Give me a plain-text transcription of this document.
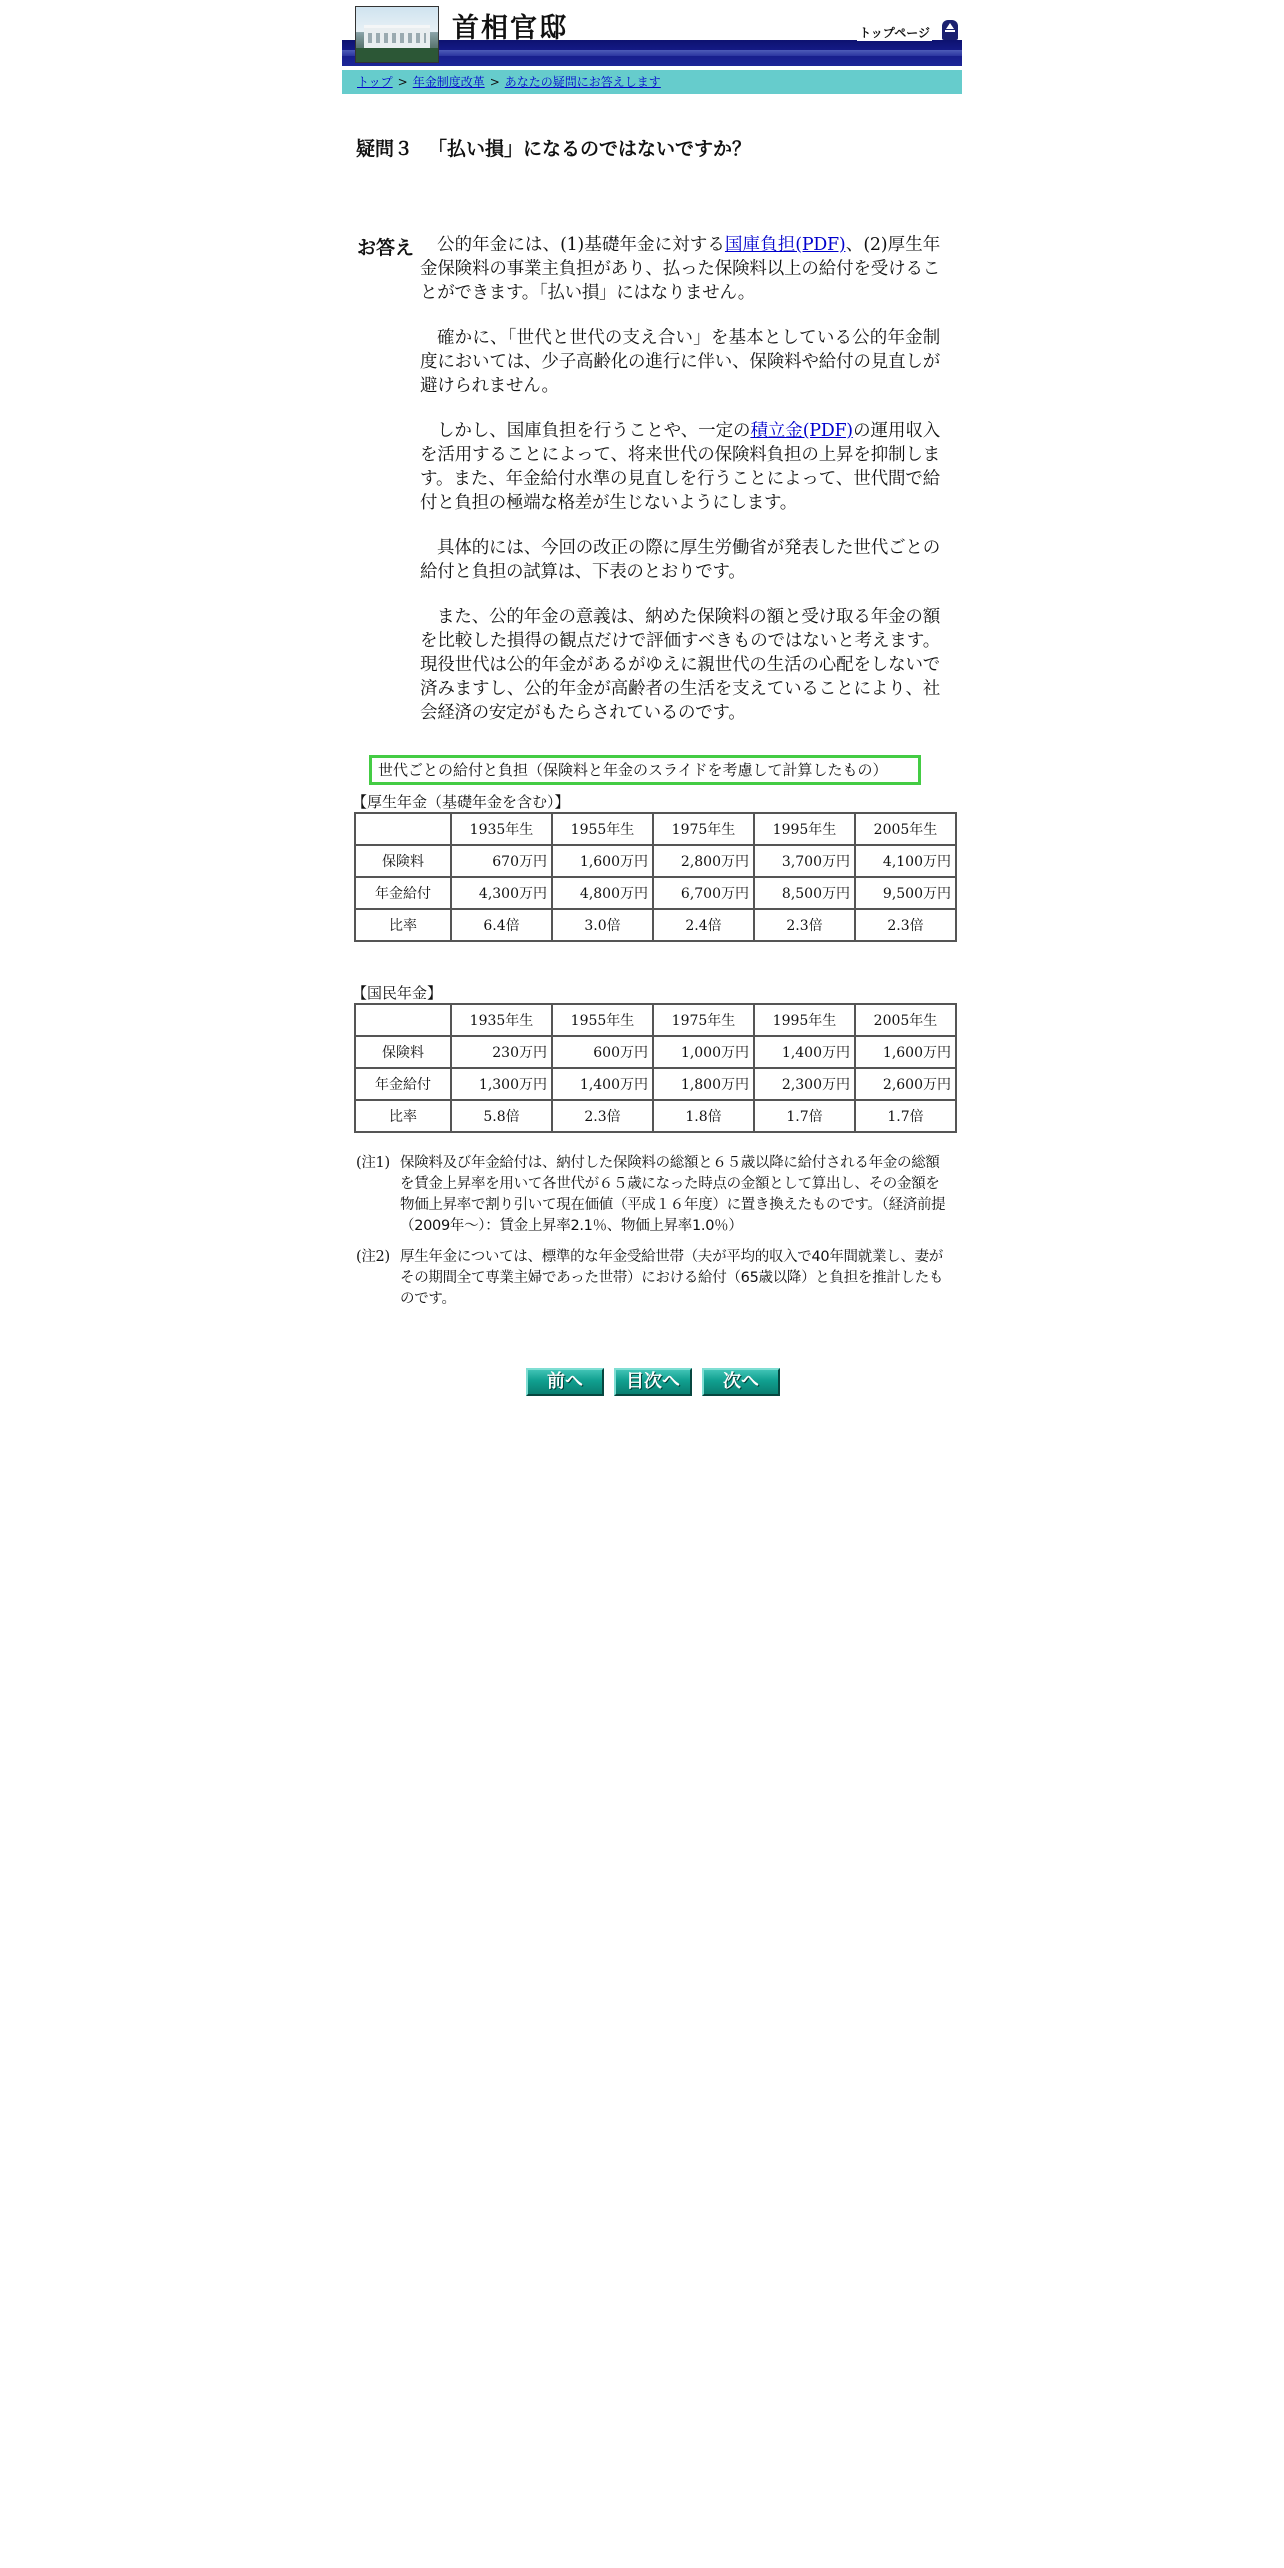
首相官邸	トップページ
トップ > 年金制度改革 > あなたの疑問にお答えします
疑問３ 「払い損」になるのではないですか？
お答え	公的年金には、(1)基礎年金に対する国庫負担(PDF)、(2)厚生年金保険料の事業主負担があり、払った保険料以上の給付を受けることができます。「払い損」にはなりません。

確かに、「世代と世代の支え合い」を基本としている公的年金制度においては、少子高齢化の進行に伴い、保険料や給付の見直しが避けられません。

しかし、国庫負担を行うことや、一定の積立金(PDF)の運用収入を活用することによって、将来世代の保険料負担の上昇を抑制します。また、年金給付水準の見直しを行うことによって、世代間で給付と負担の極端な格差が生じないようにします。

具体的には、今回の改正の際に厚生労働省が発表した世代ごとの給付と負担の試算は、下表のとおりです。

また、公的年金の意義は、納めた保険料の額と受け取る年金の額を比較した損得の観点だけで評価すべきものではないと考えます。現役世代は公的年金があるがゆえに親世代の生活の心配をしないで済みますし、公的年金が高齢者の生活を支えていることにより、社会経済の安定がもたらされているのです。

世代ごとの給付と負担（保険料と年金のスライドを考慮して計算したもの）
【厚生年金（基礎年金を含む）】
	1935年生	1955年生	1975年生	1995年生	2005年生
保険料	670万円	1,600万円	2,800万円	3,700万円	4,100万円
年金給付	4,300万円	4,800万円	6,700万円	8,500万円	9,500万円
比率	6.4倍	3.0倍	2.4倍	2.3倍	2.3倍
【国民年金】
	1935年生	1955年生	1975年生	1995年生	2005年生
保険料	230万円	600万円	1,000万円	1,400万円	1,600万円
年金給付	1,300万円	1,400万円	1,800万円	2,300万円	2,600万円
比率	5.8倍	2.3倍	1.8倍	1.7倍	1.7倍
(注1) 保険料及び年金給付は、納付した保険料の総額と６５歳以降に給付される年金の総額を賃金上昇率を用いて各世代が６５歳になった時点の金額として算出し、その金額を物価上昇率で割り引いて現在価値（平成１６年度）に置き換えたものです。（経済前提（2009年～）：賃金上昇率2.1％、物価上昇率1.0％）
(注2) 厚生年金については、標準的な年金受給世帯（夫が平均的収入で40年間就業し、妻がその期間全て専業主婦であった世帯）における給付（65歳以降）と負担を推計したものです。
前へ 目次へ 次へ
